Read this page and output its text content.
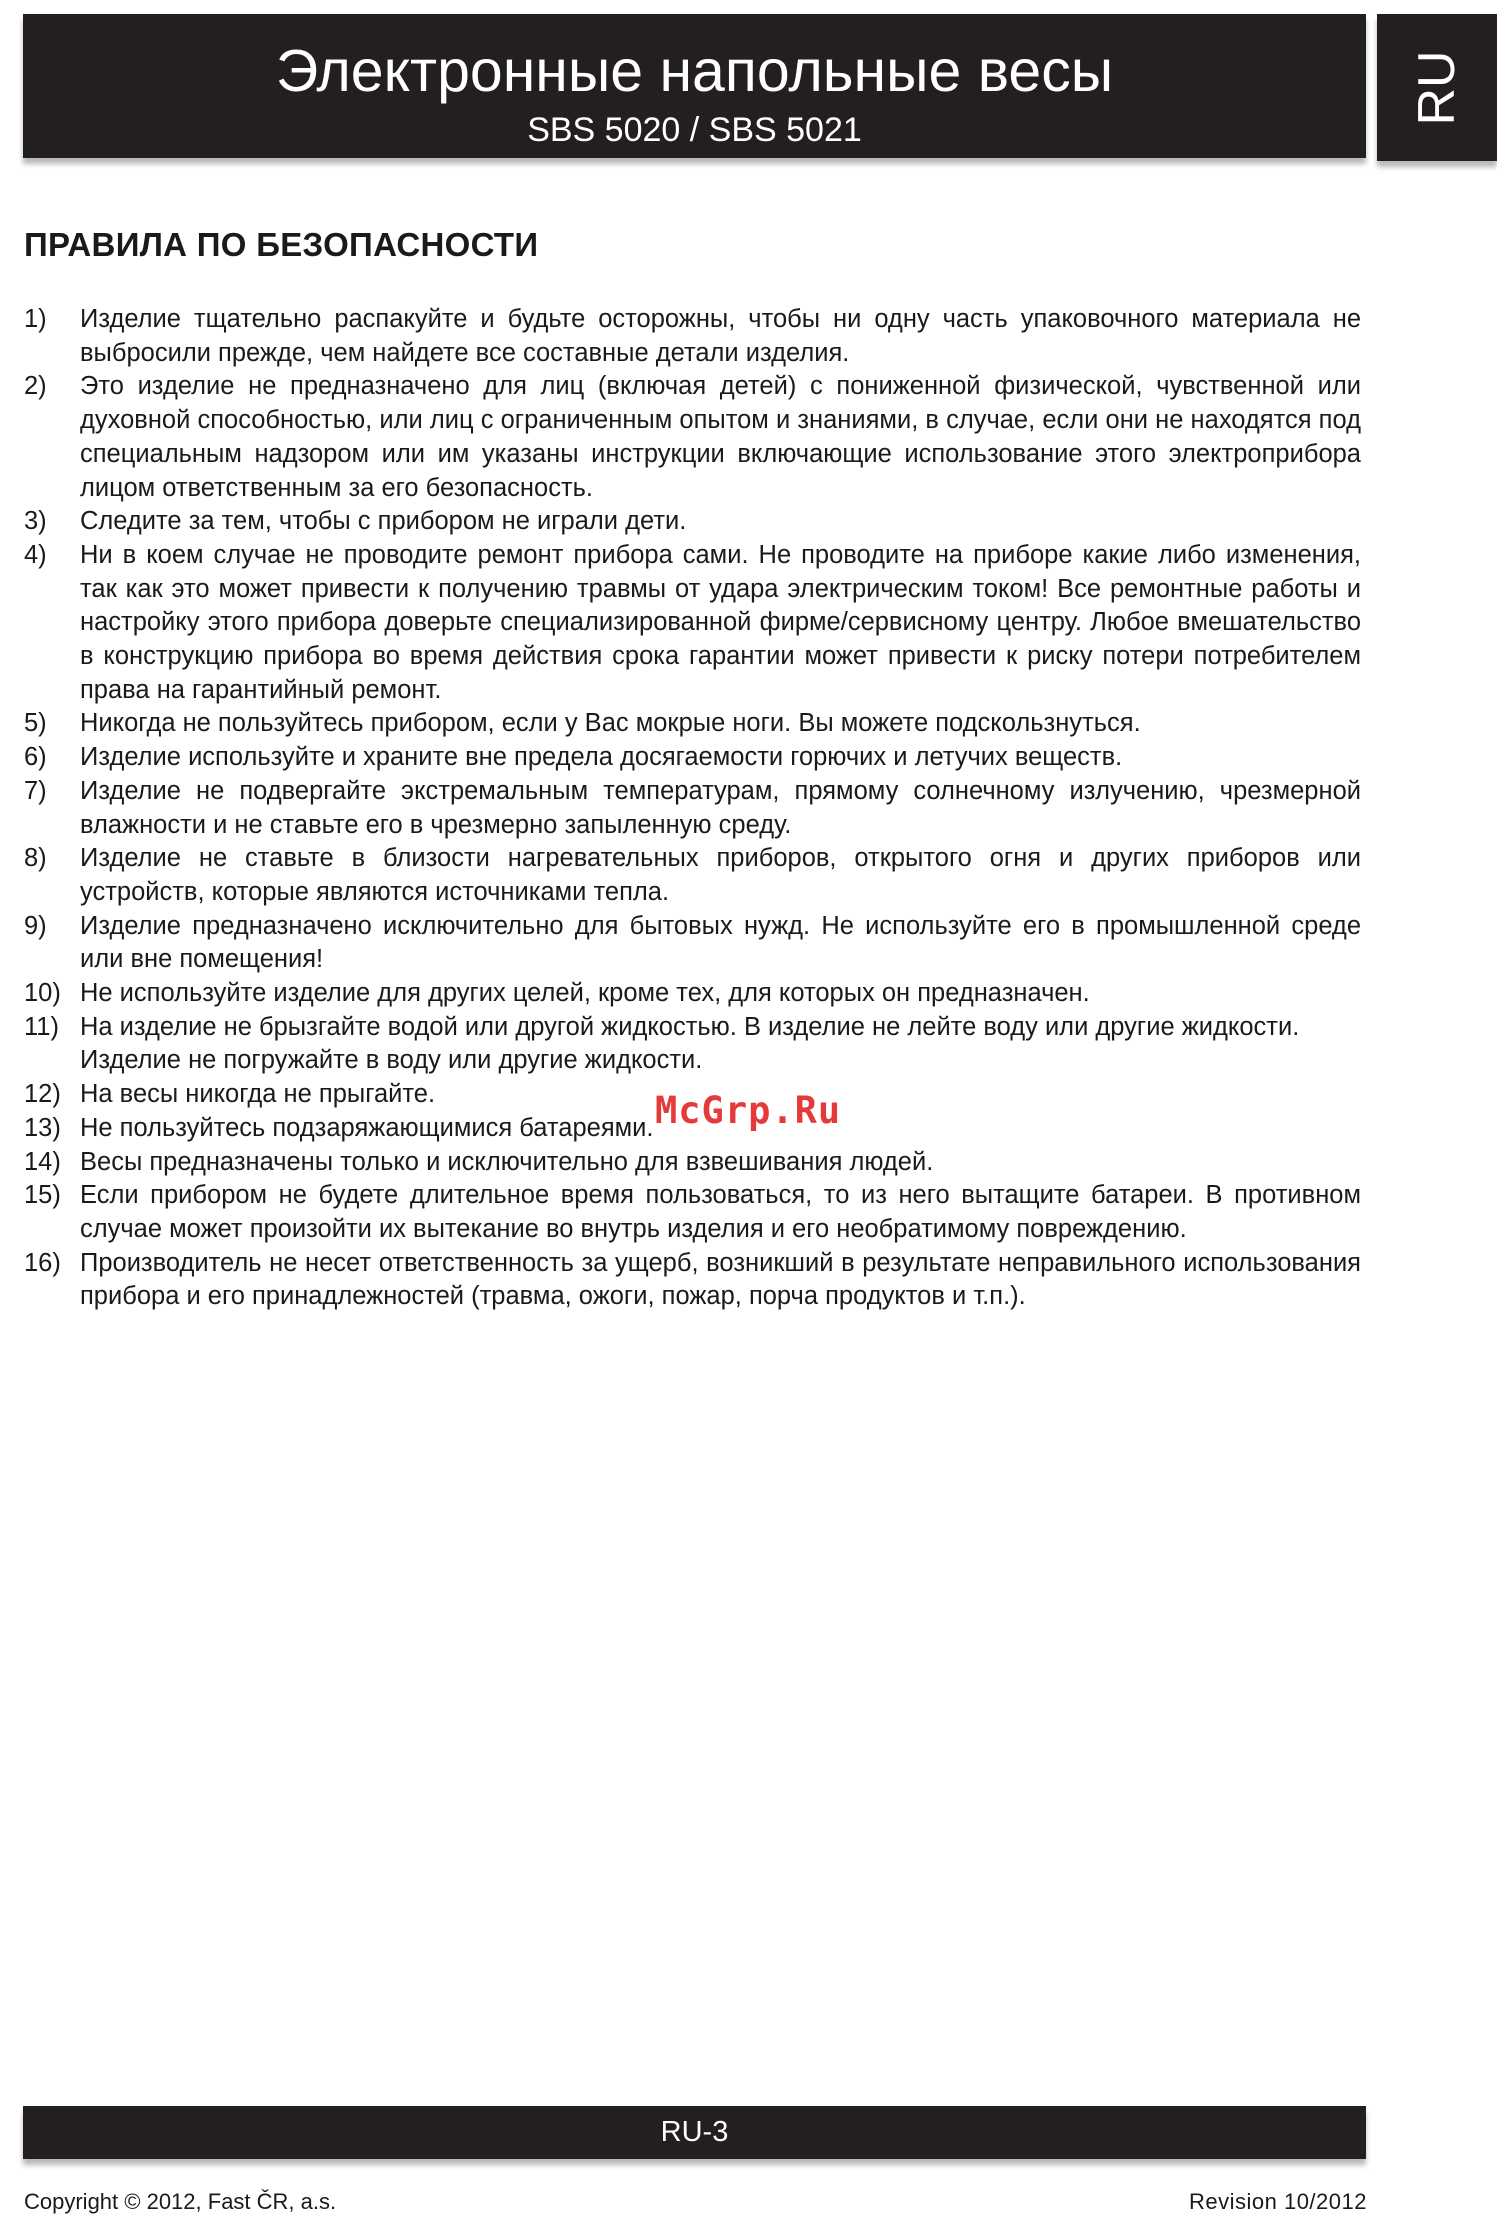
Электронные напольные весы
SBS 5020 / SBS 5021
RU
ПРАВИЛА ПО БЕЗОПАСНОСТИ
1) Изделие тщательно распакуйте и будьте осторожны, чтобы ни одну часть упаковочного материала не выбросили прежде, чем найдете все составные детали изделия.
2) Это изделие не предназначено для лиц (включая детей) с пониженной физической, чувственной или духовной способностью, или лиц с ограниченным опытом и знаниями, в случае, если они не находятся под специальным надзором или им указаны инструкции включающие использование этого электроприбора лицом ответственным за его безопасность.
3) Следите за тем, чтобы с прибором не играли дети.
4) Ни в коем случае не проводите ремонт прибора сами. Не проводите на приборе какие либо изменения, так как это может привести к получению травмы от удара электрическим током! Все ремонтные работы и настройку этого прибора доверьте специализированной фирме/сервисному центру. Любое вмешательство в конструкцию прибора во время действия срока гарантии может привести к риску потери потребителем права на гарантийный ремонт.
5) Никогда не пользуйтесь прибором, если у Вас мокрые ноги. Вы можете подскользнуться.
6) Изделие используйте и храните вне предела досягаемости горючих и летучих веществ.
7) Изделие не подвергайте экстремальным температурам, прямому солнечному излучению, чрезмерной влажности и не ставьте его в чрезмерно запыленную среду.
8) Изделие не ставьте в близости нагревательных приборов, открытого огня и других приборов или устройств, которые являются источниками тепла.
9) Изделие предназначено исключительно для бытовых нужд. Не используйте его в промышленной среде или вне помещения!
10) Не используйте изделие для других целей, кроме тех, для которых он предназначен.
11) На изделие не брызгайте водой или другой жидкостью. В изделие не лейте воду или другие жидкости.
Изделие не погружайте в воду или другие жидкости.
12) На весы никогда не прыгайте.
13) Не пользуйтесь подзаряжающимися батареями.
14) Весы предназначены только и исключительно для взвешивания людей.
15) Если прибором не будете длительное время пользоваться, то из него вытащите батареи. В противном случае может произойти их вытекание во внутрь изделия и его необратимому повреждению.
16) Производитель не несет ответственность за ущерб, возникший в результате неправильного использования прибора и его принадлежностей (травма, ожоги, пожар, порча продуктов и т.п.).
McGrp.Ru
RU-3
Copyright © 2012, Fast ČR, a.s.	Revision 10/2012
